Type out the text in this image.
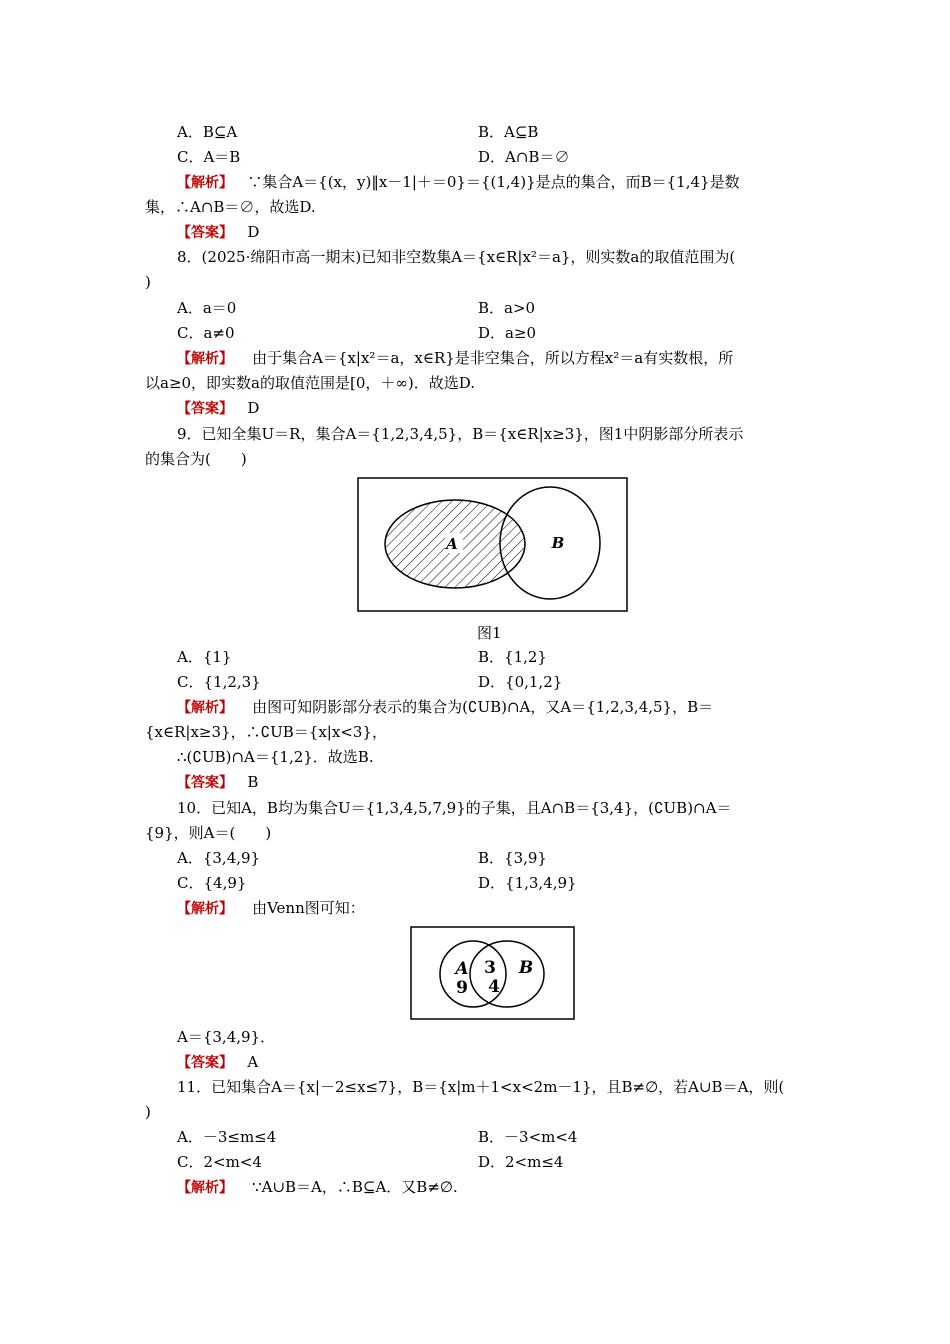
A．B⊆A	B．A⊆B
C．A＝B	D．A∩B＝∅
【解析】 ∵集合A＝{(x，y)‖x－1|＋＝0}＝{(1,4)}是点的集合，而B＝{1,4}是数
集，∴A∩B＝∅，故选D.
【答案】 D
8．(2025·绵阳市高一期末)已知非空数集A＝{x∈R|x²＝a}，则实数a的取值范围为(
)
A．a＝0	B．a>0
C．a≠0	D．a≥0
【解析】 由于集合A＝{x|x²＝a，x∈R}是非空集合，所以方程x²＝a有实数根，所
以a≥0，即实数a的取值范围是[0，＋∞)．故选D.
【答案】 D
9．已知全集U＝R，集合A＝{1,2,3,4,5}，B＝{x∈R|x≥3}，图1中阴影部分所表示
的集合为(　　)
A	B
图1
A．{1}	B．{1,2}
C．{1,2,3}	D．{0,1,2}
【解析】 由图可知阴影部分表示的集合为(∁UB)∩A，又A＝{1,2,3,4,5}，B＝
{x∈R|x≥3}，∴∁UB＝{x|x<3}，
∴(∁UB)∩A＝{1,2}．故选B.
【答案】 B
10．已知A，B均为集合U＝{1,3,4,5,7,9}的子集，且A∩B＝{3,4}，(∁UB)∩A＝
{9}，则A＝(　　)
A．{3,4,9}	B．{3,9}
C．{4,9}	D．{1,3,4,9}
【解析】 由Venn图可知：
A
9
3
4
B
A＝{3,4,9}．
【答案】 A
11．已知集合A＝{x|－2≤x≤7}，B＝{x|m＋1<x<2m－1}，且B≠∅，若A∪B＝A，则(
)
A．－3≤m≤4	B．－3<m<4
C．2<m<4	D．2<m≤4
【解析】 ∵A∪B＝A，∴B⊆A．又B≠∅.
